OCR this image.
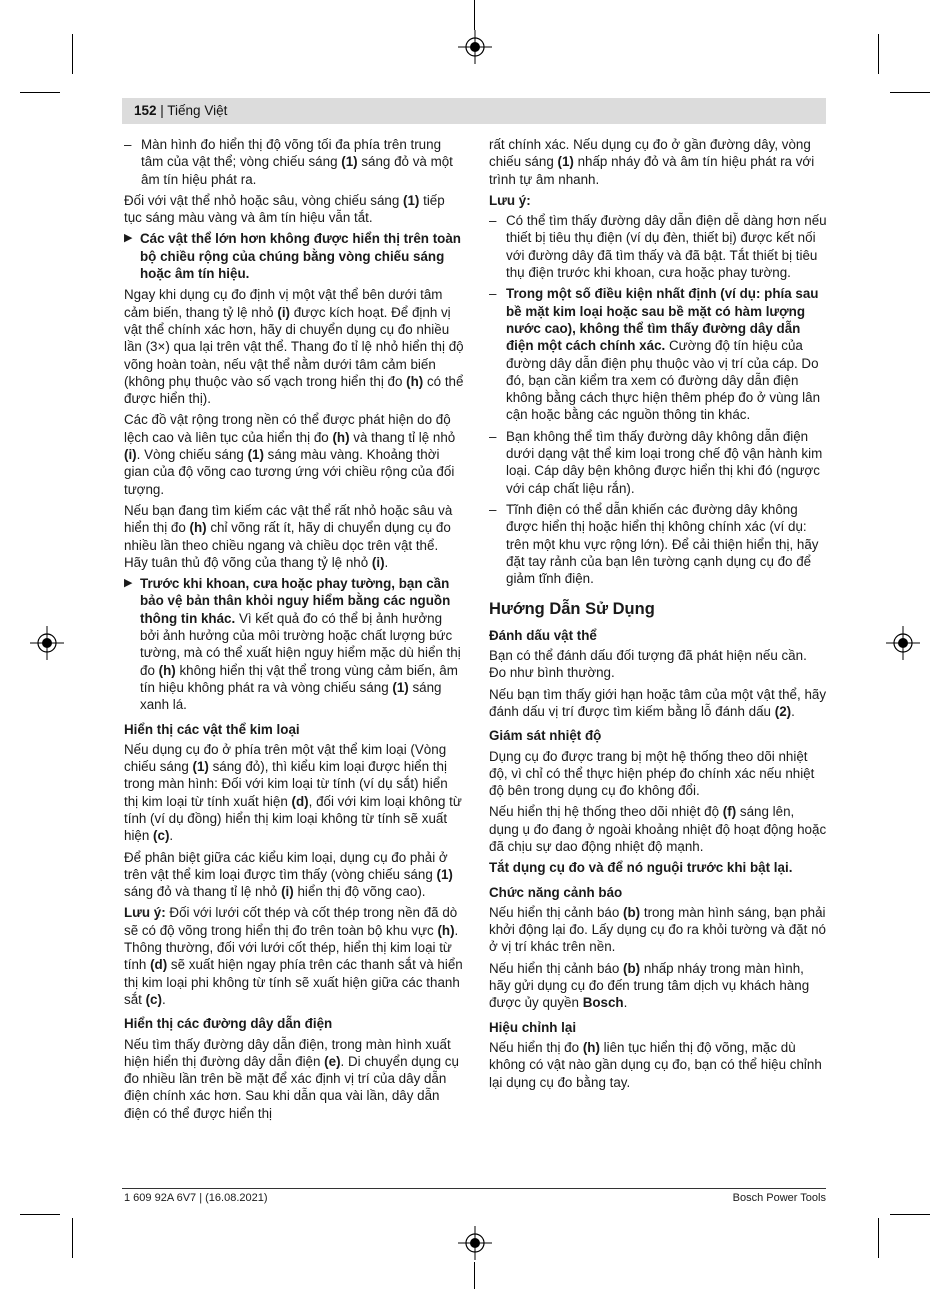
152 | Tiếng Việt
– Màn hình đo hiển thị độ võng tối đa phía trên trung tâm của vật thể; vòng chiếu sáng (1) sáng đỏ và một âm tín hiệu phát ra.

Đối với vật thể nhỏ hoặc sâu, vòng chiếu sáng (1) tiếp tục sáng màu vàng và âm tín hiệu vẫn tắt.

▶ Các vật thể lớn hơn không được hiển thị trên toàn bộ chiều rộng của chúng bằng vòng chiếu sáng hoặc âm tín hiệu.

Ngay khi dụng cụ đo định vị một vật thể bên dưới tâm cảm biến, thang tỷ lệ nhỏ (i) được kích hoạt. Để định vị vật thể chính xác hơn, hãy di chuyển dụng cụ đo nhiều lần (3×) qua lại trên vật thể. Thang đo tỉ lệ nhỏ hiển thị độ võng hoàn toàn, nếu vật thể nằm dưới tâm cảm biến (không phụ thuộc vào số vạch trong hiển thị đo (h) có thể được hiển thị).

Các đồ vật rộng trong nền có thể được phát hiện do độ lệch cao và liên tục của hiển thị đo (h) và thang tỉ lệ nhỏ (i). Vòng chiếu sáng (1) sáng màu vàng. Khoảng thời gian của độ võng cao tương ứng với chiều rộng của đối tượng.

Nếu bạn đang tìm kiếm các vật thể rất nhỏ hoặc sâu và hiển thị đo (h) chỉ võng rất ít, hãy di chuyển dụng cụ đo nhiều lần theo chiều ngang và chiều dọc trên vật thể. Hãy tuân thủ độ võng của thang tỷ lệ nhỏ (i).

▶ Trước khi khoan, cưa hoặc phay tường, bạn cần bảo vệ bản thân khỏi nguy hiểm bằng các nguồn thông tin khác. Vì kết quả đo có thể bị ảnh hưởng bởi ảnh hưởng của môi trường hoặc chất lượng bức tường, mà có thể xuất hiện nguy hiểm mặc dù hiển thị đo (h) không hiển thị vật thể trong vùng cảm biến, âm tín hiệu không phát ra và vòng chiếu sáng (1) sáng xanh lá.
Hiển thị các vật thể kim loại

Nếu dụng cụ đo ở phía trên một vật thể kim loại (Vòng chiếu sáng (1) sáng đỏ), thì kiểu kim loại được hiển thị trong màn hình: Đối với kim loại từ tính (ví dụ sắt) hiển thị kim loại từ tính xuất hiện (d), đối với kim loại không từ tính (ví dụ đồng) hiển thị kim loại không từ tính sẽ xuất hiện (c).

Để phân biệt giữa các kiểu kim loại, dụng cụ đo phải ở trên vật thể kim loại được tìm thấy (vòng chiếu sáng (1) sáng đỏ và thang tỉ lệ nhỏ (i) hiển thị độ võng cao).

Lưu ý: Đối với lưới cốt thép và cốt thép trong nền đã dò sẽ có độ võng trong hiển thị đo trên toàn bộ khu vực (h). Thông thường, đối với lưới cốt thép, hiển thị kim loại từ tính (d) sẽ xuất hiện ngay phía trên các thanh sắt và hiển thị kim loại phi không từ tính sẽ xuất hiện giữa các thanh sắt (c).

Hiển thị các đường dây dẫn điện

Nếu tìm thấy đường dây dẫn điện, trong màn hình xuất hiện hiển thị đường dây dẫn điện (e). Di chuyển dụng cụ đo nhiều lần trên bề mặt để xác định vị trí của dây dẫn điện chính xác hơn. Sau khi dẫn qua vài lần, dây dẫn điện có thể được hiển thị

rất chính xác. Nếu dụng cụ đo ở gần đường dây, vòng chiếu sáng (1) nhấp nháy đỏ và âm tín hiệu phát ra với trình tự âm nhanh.

Lưu ý:
– Có thể tìm thấy đường dây dẫn điện dễ dàng hơn nếu thiết bị tiêu thụ điện (ví dụ đèn, thiết bị) được kết nối với đường dây đã tìm thấy và đã bật. Tắt thiết bị tiêu thụ điện trước khi khoan, cưa hoặc phay tường.
– Trong một số điều kiện nhất định (ví dụ: phía sau bề mặt kim loại hoặc sau bề mặt có hàm lượng nước cao), không thể tìm thấy đường dây dẫn điện một cách chính xác. Cường độ tín hiệu của đường dây dẫn điện phụ thuộc vào vị trí của cáp. Do đó, bạn cần kiểm tra xem có đường dây dẫn điện không bằng cách thực hiện thêm phép đo ở vùng lân cận hoặc bằng các nguồn thông tin khác.
– Bạn không thể tìm thấy đường dây không dẫn điện dưới dạng vật thể kim loại trong chế độ vận hành kim loại. Cáp dây bện không được hiển thị khi đó (ngược với cáp chất liệu rắn).
– Tĩnh điện có thể dẫn khiến các đường dây không được hiển thị hoặc hiển thị không chính xác (ví dụ: trên một khu vực rộng lớn). Để cải thiện hiển thị, hãy đặt tay rảnh của bạn lên tường cạnh dụng cụ đo để giảm tĩnh điện.
Hướng Dẫn Sử Dụng
Đánh dấu vật thể

Bạn có thể đánh dấu đối tượng đã phát hiện nếu cần. Đo như bình thường.

Nếu bạn tìm thấy giới hạn hoặc tâm của một vật thể, hãy đánh dấu vị trí được tìm kiếm bằng lỗ đánh dấu (2).

Giám sát nhiệt độ

Dụng cụ đo được trang bị một hệ thống theo dõi nhiệt độ, vì chỉ có thể thực hiện phép đo chính xác nếu nhiệt độ bên trong dụng cụ đo không đổi.

Nếu hiển thị hệ thống theo dõi nhiệt độ (f) sáng lên, dụng ụ đo đang ở ngoài khoảng nhiệt độ hoạt động hoặc đã chịu sự dao động nhiệt độ mạnh.

Tắt dụng cụ đo và để nó nguội trước khi bật lại.

Chức năng cảnh báo

Nếu hiển thị cảnh báo (b) trong màn hình sáng, bạn phải khởi động lại đo. Lấy dụng cụ đo ra khỏi tường và đặt nó ở vị trí khác trên nền.

Nếu hiển thị cảnh báo (b) nhấp nháy trong màn hình, hãy gửi dụng cụ đo đến trung tâm dịch vụ khách hàng được ủy quyền Bosch.

Hiệu chỉnh lại

Nếu hiển thị đo (h) liên tục hiển thị độ võng, mặc dù không có vật nào gần dụng cụ đo, bạn có thể hiệu chỉnh lại dụng cụ đo bằng tay.

1 609 92A 6V7 | (16.08.2021)	Bosch Power Tools
